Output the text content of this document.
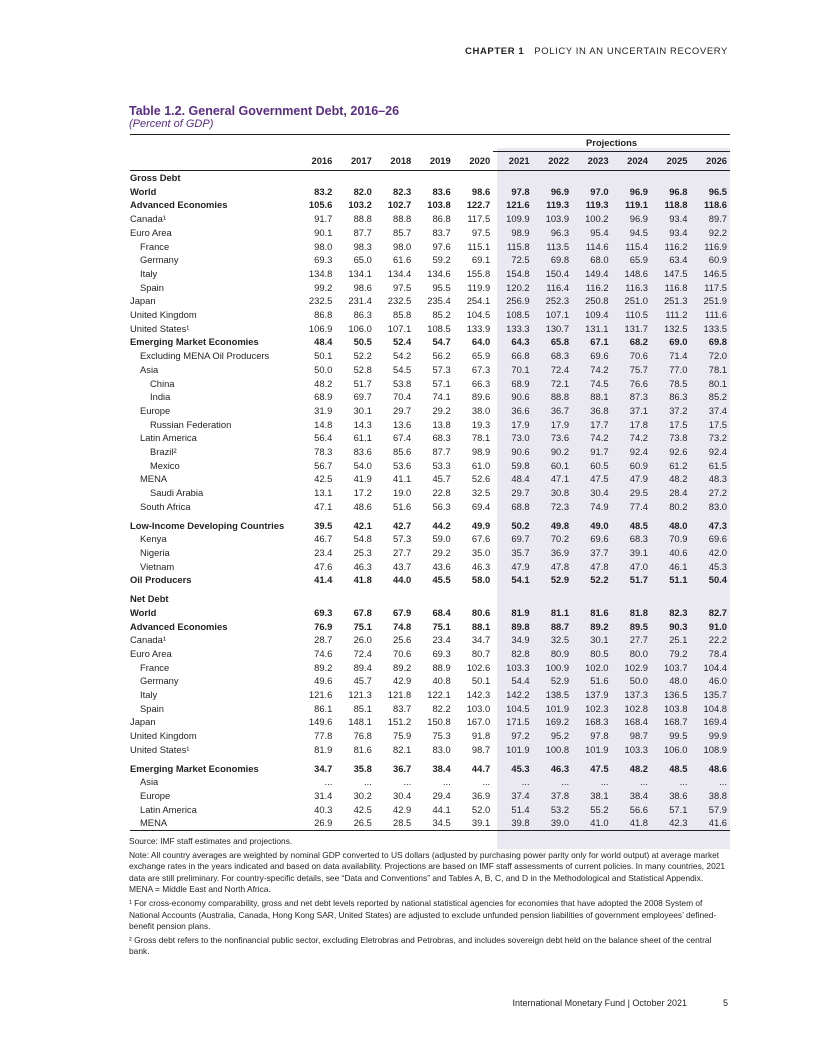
CHAPTER 1 POLICY IN AN UNCERTAIN RECOVERY
Table 1.2. General Government Debt, 2016–26
(Percent of GDP)
						Projections					
	2016	2017	2018	2019	2020	2021	2022	2023	2024	2025	2026
Gross Debt											
World	83.2	82.0	82.3	83.6	98.6	97.8	96.9	97.0	96.9	96.8	96.5
Advanced Economies	105.6	103.2	102.7	103.8	122.7	121.6	119.3	119.3	119.1	118.8	118.6
Canada¹	91.7	88.8	88.8	86.8	117.5	109.9	103.9	100.2	96.9	93.4	89.7
Euro Area	90.1	87.7	85.7	83.7	97.5	98.9	96.3	95.4	94.5	93.4	92.2
France	98.0	98.3	98.0	97.6	115.1	115.8	113.5	114.6	115.4	116.2	116.9
Germany	69.3	65.0	61.6	59.2	69.1	72.5	69.8	68.0	65.9	63.4	60.9
Italy	134.8	134.1	134.4	134.6	155.8	154.8	150.4	149.4	148.6	147.5	146.5
Spain	99.2	98.6	97.5	95.5	119.9	120.2	116.4	116.2	116.3	116.8	117.5
Japan	232.5	231.4	232.5	235.4	254.1	256.9	252.3	250.8	251.0	251.3	251.9
United Kingdom	86.8	86.3	85.8	85.2	104.5	108.5	107.1	109.4	110.5	111.2	111.6
United States¹	106.9	106.0	107.1	108.5	133.9	133.3	130.7	131.1	131.7	132.5	133.5
Emerging Market Economies	48.4	50.5	52.4	54.7	64.0	64.3	65.8	67.1	68.2	69.0	69.8
Excluding MENA Oil Producers	50.1	52.2	54.2	56.2	65.9	66.8	68.3	69.6	70.6	71.4	72.0
Asia	50.0	52.8	54.5	57.3	67.3	70.1	72.4	74.2	75.7	77.0	78.1
China	48.2	51.7	53.8	57.1	66.3	68.9	72.1	74.5	76.6	78.5	80.1
India	68.9	69.7	70.4	74.1	89.6	90.6	88.8	88.1	87.3	86.3	85.2
Europe	31.9	30.1	29.7	29.2	38.0	36.6	36.7	36.8	37.1	37.2	37.4
Russian Federation	14.8	14.3	13.6	13.8	19.3	17.9	17.9	17.7	17.8	17.5	17.5
Latin America	56.4	61.1	67.4	68.3	78.1	73.0	73.6	74.2	74.2	73.8	73.2
Brazil²	78.3	83.6	85.6	87.7	98.9	90.6	90.2	91.7	92.4	92.6	92.4
Mexico	56.7	54.0	53.6	53.3	61.0	59.8	60.1	60.5	60.9	61.2	61.5
MENA	42.5	41.9	41.1	45.7	52.6	48.4	47.1	47.5	47.9	48.2	48.3
Saudi Arabia	13.1	17.2	19.0	22.8	32.5	29.7	30.8	30.4	29.5	28.4	27.2
South Africa	47.1	48.6	51.6	56.3	69.4	68.8	72.3	74.9	77.4	80.2	83.0

Low-Income Developing Countries	39.5	42.1	42.7	44.2	49.9	50.2	49.8	49.0	48.5	48.0	47.3
Kenya	46.7	54.8	57.3	59.0	67.6	69.7	70.2	69.6	68.3	70.9	69.6
Nigeria	23.4	25.3	27.7	29.2	35.0	35.7	36.9	37.7	39.1	40.6	42.0
Vietnam	47.6	46.3	43.7	43.6	46.3	47.9	47.8	47.8	47.0	46.1	45.3
Oil Producers	41.4	41.8	44.0	45.5	58.0	54.1	52.9	52.2	51.7	51.1	50.4

Net Debt											
World	69.3	67.8	67.9	68.4	80.6	81.9	81.1	81.6	81.8	82.3	82.7
Advanced Economies	76.9	75.1	74.8	75.1	88.1	89.8	88.7	89.2	89.5	90.3	91.0
Canada¹	28.7	26.0	25.6	23.4	34.7	34.9	32.5	30.1	27.7	25.1	22.2
Euro Area	74.6	72.4	70.6	69.3	80.7	82.8	80.9	80.5	80.0	79.2	78.4
France	89.2	89.4	89.2	88.9	102.6	103.3	100.9	102.0	102.9	103.7	104.4
Germany	49.6	45.7	42.9	40.8	50.1	54.4	52.9	51.6	50.0	48.0	46.0
Italy	121.6	121.3	121.8	122.1	142.3	142.2	138.5	137.9	137.3	136.5	135.7
Spain	86.1	85.1	83.7	82.2	103.0	104.5	101.9	102.3	102.8	103.8	104.8
Japan	149.6	148.1	151.2	150.8	167.0	171.5	169.2	168.3	168.4	168.7	169.4
United Kingdom	77.8	76.8	75.9	75.3	91.8	97.2	95.2	97.8	98.7	99.5	99.9
United States¹	81.9	81.6	82.1	83.0	98.7	101.9	100.8	101.9	103.3	106.0	108.9

Emerging Market Economies	34.7	35.8	36.7	38.4	44.7	45.3	46.3	47.5	48.2	48.5	48.6
Asia	...	...	...	...	...	...	...	...	...	...	...
Europe	31.4	30.2	30.4	29.4	36.9	37.4	37.8	38.1	38.4	38.6	38.8
Latin America	40.3	42.5	42.9	44.1	52.0	51.4	53.2	55.2	56.6	57.1	57.9
MENA	26.9	26.5	28.5	34.5	39.1	39.8	39.0	41.0	41.8	42.3	41.6

Source: IMF staff estimates and projections.

Note: All country averages are weighted by nominal GDP converted to US dollars (adjusted by purchasing power parity only for world output) at average market exchange rates in the years indicated and based on data availability. Projections are based on IMF staff assessments of current policies. In many countries, 2021 data are still preliminary. For country-specific details, see “Data and Conventions” and Tables A, B, C, and D in the Methodological and Statistical Appendix. MENA = Middle East and North Africa.

¹ For cross-economy comparability, gross and net debt levels reported by national statistical agencies for economies that have adopted the 2008 System of National Accounts (Australia, Canada, Hong Kong SAR, United States) are adjusted to exclude unfunded pension liabilities of government employees’ defined-benefit pension plans.

² Gross debt refers to the nonfinancial public sector, excluding Eletrobras and Petrobras, and includes sovereign debt held on the balance sheet of the central bank.

International Monetary Fund | October 2021	5
